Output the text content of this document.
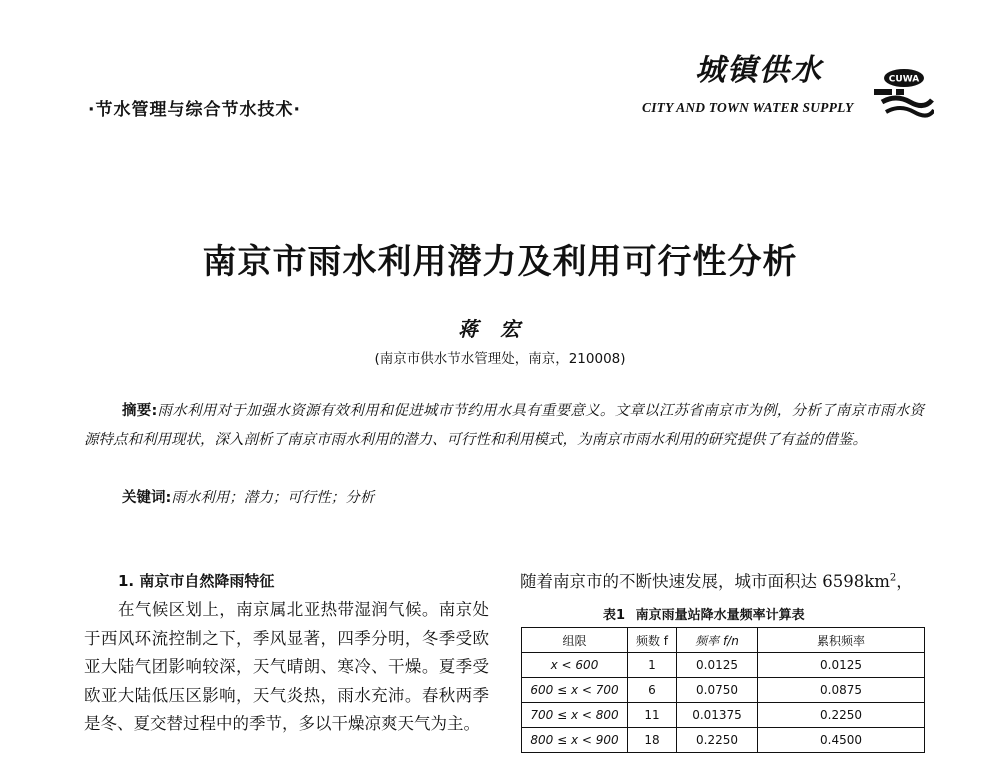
·节水管理与综合节水技术·
城镇供水
CITY AND TOWN WATER SUPPLY
CUWA
南京市雨水利用潜力及利用可行性分析
蒋宏
(南京市供水节水管理处，南京，210008)
摘要:雨水利用对于加强水资源有效利用和促进城市节约用水具有重要意义。文章以江苏省南京市为例，分析了南京市雨水资源特点和利用现状，深入剖析了南京市雨水利用的潜力、可行性和利用模式，为南京市雨水利用的研究提供了有益的借鉴。
关键词:雨水利用；潜力；可行性；分析
1. 南京市自然降雨特征
在气候区划上，南京属北亚热带湿润气候。南京处于西风环流控制之下，季风显著，四季分明，冬季受欧亚大陆气团影响较深，天气晴朗、寒冷、干燥。夏季受欧亚大陆低压区影响，天气炎热，雨水充沛。春秋两季是冬、夏交替过程中的季节，多以干燥凉爽天气为主。
随着南京市的不断快速发展，城市面积达 $6598km^2$，
表1 南京雨量站降水量频率计算表
组限	频数 f	频率 f/n	累积频率
x < 600	1	0.0125	0.0125
600 ≤ x < 700	6	0.0750	0.0875
700 ≤ x < 800	11	0.01375	0.2250
800 ≤ x < 900	18	0.2250	0.4500
